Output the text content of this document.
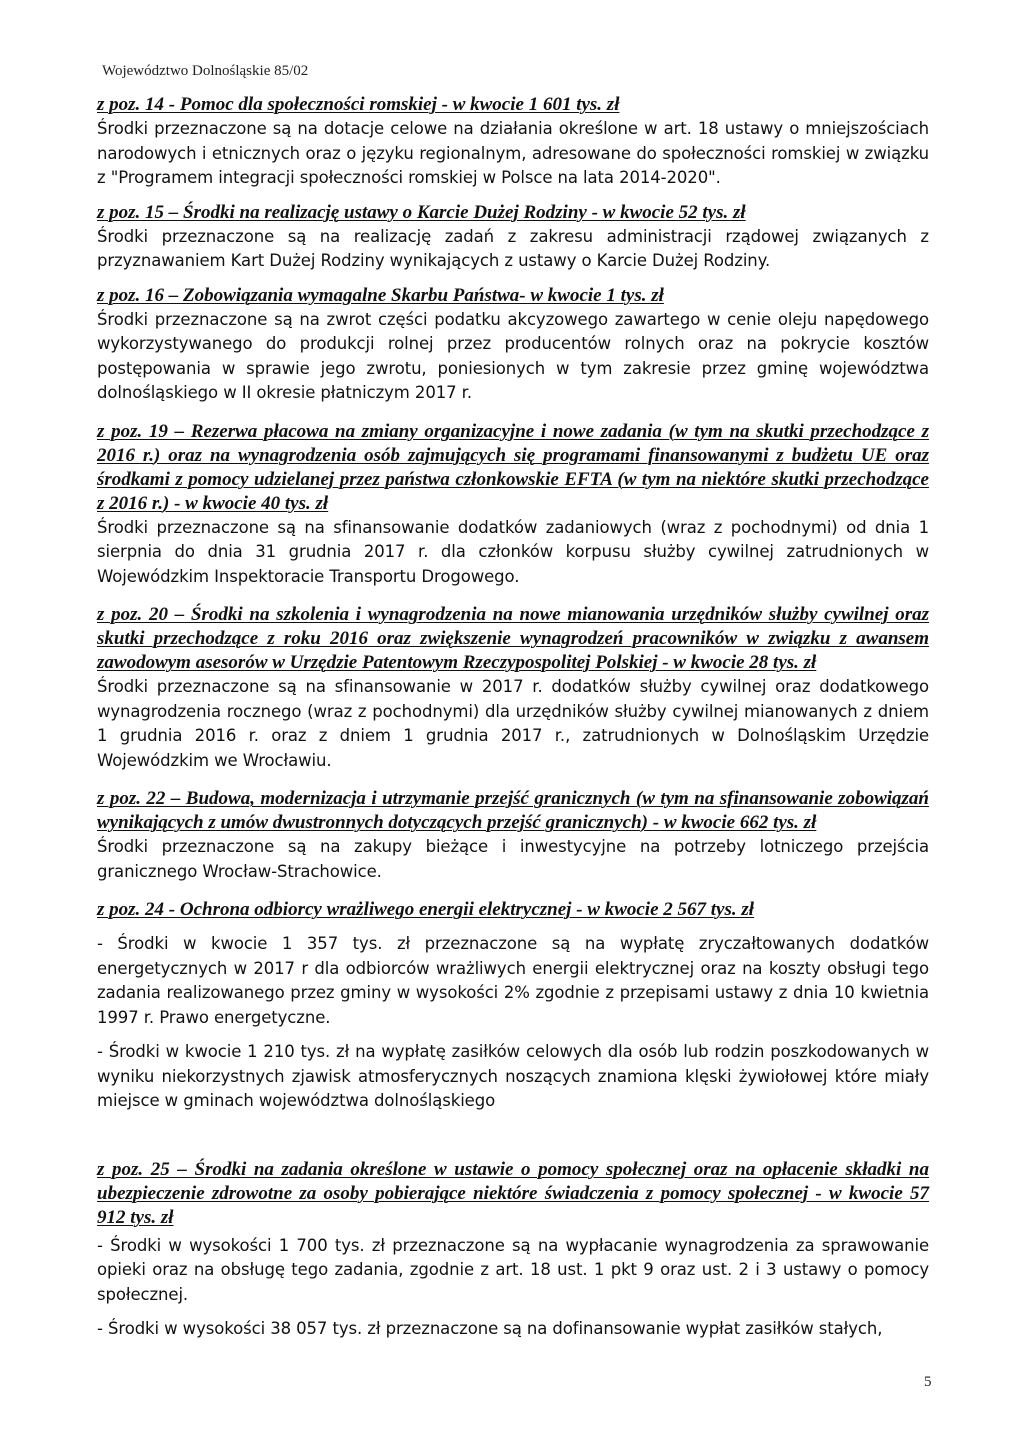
Województwo Dolnośląskie 85/02
z poz. 14 - Pomoc dla społeczności romskiej - w kwocie 1 601 tys. zł

Środki przeznaczone są na dotacje celowe na działania określone w art. 18 ustawy o mniejszościach narodowych i etnicznych oraz o języku regionalnym, adresowane do społeczności romskiej w związku z "Programem integracji społeczności romskiej w Polsce na lata 2014-2020".

z poz. 15 – Środki na realizację ustawy o Karcie Dużej Rodziny - w kwocie 52 tys. zł

Środki przeznaczone są na realizację zadań z zakresu administracji rządowej związanych z przyznawaniem Kart Dużej Rodziny wynikających z ustawy o Karcie Dużej Rodziny.

z poz. 16 – Zobowiązania wymagalne Skarbu Państwa- w kwocie 1 tys. zł

Środki przeznaczone są na zwrot części podatku akcyzowego zawartego w cenie oleju napędowego wykorzystywanego do produkcji rolnej przez producentów rolnych oraz na pokrycie kosztów postępowania w sprawie jego zwrotu, poniesionych w tym zakresie przez gminę województwa dolnośląskiego w II okresie płatniczym 2017 r.

z poz. 19 – Rezerwa płacowa na zmiany organizacyjne i nowe zadania (w tym na skutki przechodzące z 2016 r.) oraz na wynagrodzenia osób zajmujących się programami finansowanymi z budżetu UE oraz środkami z pomocy udzielanej przez państwa członkowskie EFTA (w tym na niektóre skutki przechodzące z 2016 r.) - w kwocie 40 tys. zł

Środki przeznaczone są na sfinansowanie dodatków zadaniowych (wraz z pochodnymi) od dnia 1 sierpnia do dnia 31 grudnia 2017 r. dla członków korpusu służby cywilnej zatrudnionych w Wojewódzkim Inspektoracie Transportu Drogowego.

z poz. 20 – Środki na szkolenia i wynagrodzenia na nowe mianowania urzędników służby cywilnej oraz skutki przechodzące z roku 2016 oraz zwiększenie wynagrodzeń pracowników w związku z awansem zawodowym asesorów w Urzędzie Patentowym Rzeczypospolitej Polskiej - w kwocie 28 tys. zł

Środki przeznaczone są na sfinansowanie w 2017 r. dodatków służby cywilnej oraz dodatkowego wynagrodzenia rocznego (wraz z pochodnymi) dla urzędników służby cywilnej mianowanych z dniem 1 grudnia 2016 r. oraz z dniem 1 grudnia 2017 r., zatrudnionych w Dolnośląskim Urzędzie Wojewódzkim we Wrocławiu.

z poz. 22 – Budowa, modernizacja i utrzymanie przejść granicznych (w tym na sfinansowanie zobowiązań wynikających z umów dwustronnych dotyczących przejść granicznych) - w kwocie 662 tys. zł

Środki przeznaczone są na zakupy bieżące i inwestycyjne na potrzeby lotniczego przejścia granicznego Wrocław-Strachowice.

z poz. 24 - Ochrona odbiorcy wrażliwego energii elektrycznej - w kwocie 2 567 tys. zł

- Środki w kwocie 1 357 tys. zł przeznaczone są na wypłatę zryczałtowanych dodatków energetycznych w 2017 r dla odbiorców wrażliwych energii elektrycznej oraz na koszty obsługi tego zadania realizowanego przez gminy w wysokości 2% zgodnie z przepisami ustawy z dnia 10 kwietnia 1997 r. Prawo energetyczne.

- Środki w kwocie 1 210 tys. zł na wypłatę zasiłków celowych dla osób lub rodzin poszkodowanych w wyniku niekorzystnych zjawisk atmosferycznych noszących znamiona klęski żywiołowej które miały miejsce w gminach województwa dolnośląskiego

z poz. 25 – Środki na zadania określone w ustawie o pomocy społecznej oraz na opłacenie składki na ubezpieczenie zdrowotne za osoby pobierające niektóre świadczenia z pomocy społecznej - w kwocie 57 912 tys. zł

- Środki w wysokości 1 700 tys. zł przeznaczone są na wypłacanie wynagrodzenia za sprawowanie opieki oraz na obsługę tego zadania, zgodnie z art. 18 ust. 1 pkt 9 oraz ust. 2 i 3 ustawy o pomocy społecznej.

- Środki w wysokości 38 057 tys. zł przeznaczone są na dofinansowanie wypłat zasiłków stałych,

5
